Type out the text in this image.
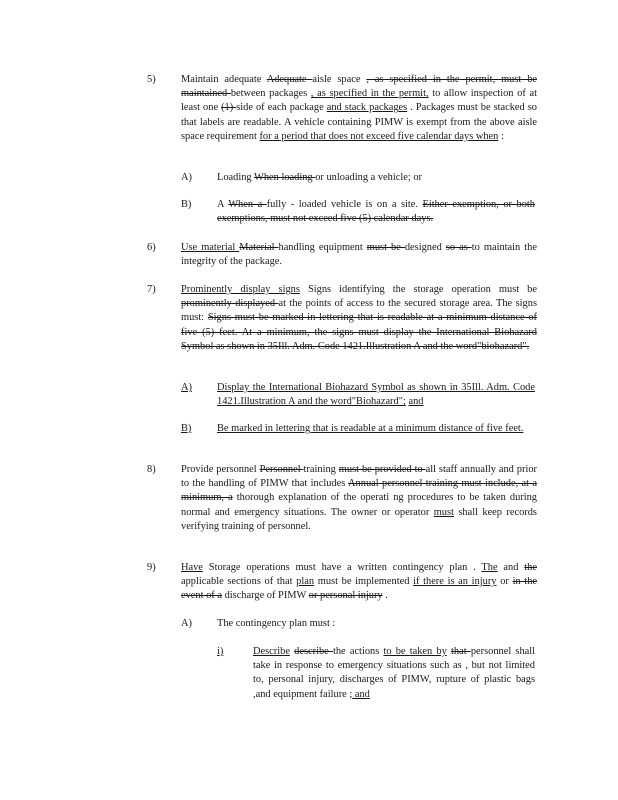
5) Maintain adequate Adequate aisle space , as specified in the permit, must be maintained between packages , as specified in the permit, to allow inspection of at least one (1) side of each package and stack packages . Packages must be stacked so that labels are readable. A vehicle containing PIMW is exempt from the above aisle space requirement for a period that does not exceed five calendar days when :

A) Loading When loading or unloading a vehicle; or

B) A When a fully - loaded vehicle is on a site. Either exemption, or both exemptions, must not exceed five (5) calendar days.

6) Use material Material handling equipment must be designed so as to maintain the integrity of the package.

7) Prominently display signs Signs identifying the storage operation must be prominently displayed at the points of access to the secured storage area. The signs must: Signs must be marked in lettering that is readable at a minimum distance of five (5) feet. At a minimum, the signs must display the International Biohazard Symbol as shown in 35Ill. Adm. Code 1421.Illustration A and the word"biohazard".

A) Display the International Biohazard Symbol as shown in 35Ill. Adm. Code 1421.Illustration A and the word"Biohazard"; and

B) Be marked in lettering that is readable at a minimum distance of five feet.

8) Provide personnel Personnel training must be provided to all staff annually and prior to the handling of PIMW that includes Annual personnel training must include, at a minimum, a thorough explanation of the operati ng procedures to be taken during normal and emergency situations. The owner or operator must shall keep records verifying training of personnel.

9) Have Storage operations must have a written contingency plan . The and the applicable sections of that plan must be implemented if there is an injury or in the event of a discharge of PIMW or personal injury .

A) The contingency plan must :

i)	Describe describe the actions to be taken by that personnel shall take in response to emergency situations such as , but not limited to, personal injury, discharges of PIMW, rupture of plastic bags ,and equipment failure ; and
